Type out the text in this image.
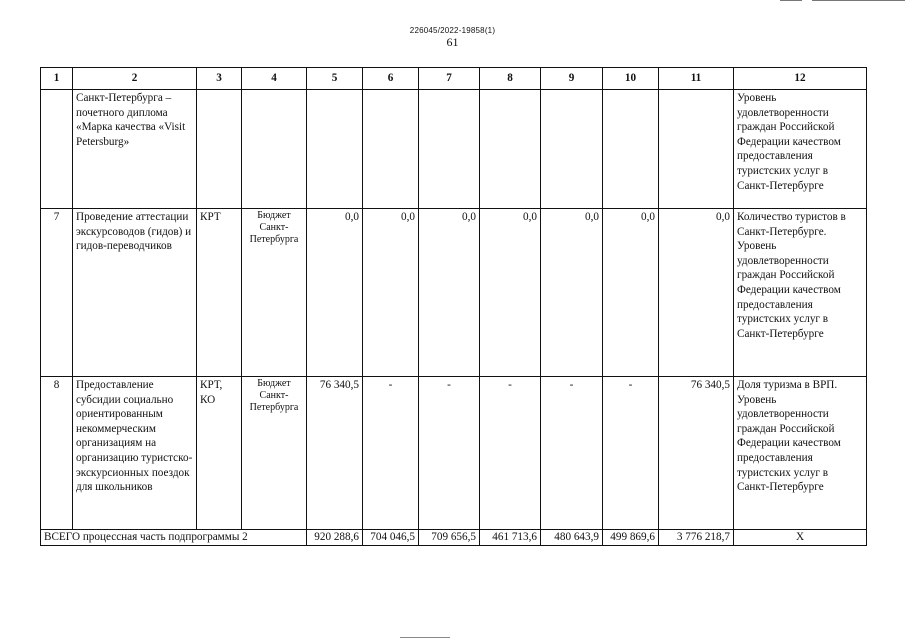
226045/2022-19858(1)
61
1	2	3	4	5	6	7	8	9	10	11	12
	Санкт-Петербурга – почетного диплома «Марка качества «Visit Petersburg»										Уровень удовлетворенности граждан Российской Федерации качеством предоставления туристских услуг в Санкт-Петербурге
7	Проведение аттестации экскурсоводов (гидов) и гидов-переводчиков	КРТ	Бюджет Санкт-Петербурга	0,0	0,0	0,0	0,0	0,0	0,0	0,0	Количество туристов в Санкт-Петербурге. Уровень удовлетворенности граждан Российской Федерации качеством предоставления туристских услуг в Санкт-Петербурге
8	Предоставление субсидии социально ориентированным некоммерческим организациям на организацию туристско-экскурсионных поездок для школьников	КРТ, КО	Бюджет Санкт-Петербурга	76 340,5	-	-	-	-	-	76 340,5	Доля туризма в ВРП. Уровень удовлетворенности граждан Российской Федерации качеством предоставления туристских услуг в Санкт-Петербурге
ВСЕГО процессная часть подпрограммы 2				920 288,6	704 046,5	709 656,5	461 713,6	480 643,9	499 869,6	3 776 218,7	X
